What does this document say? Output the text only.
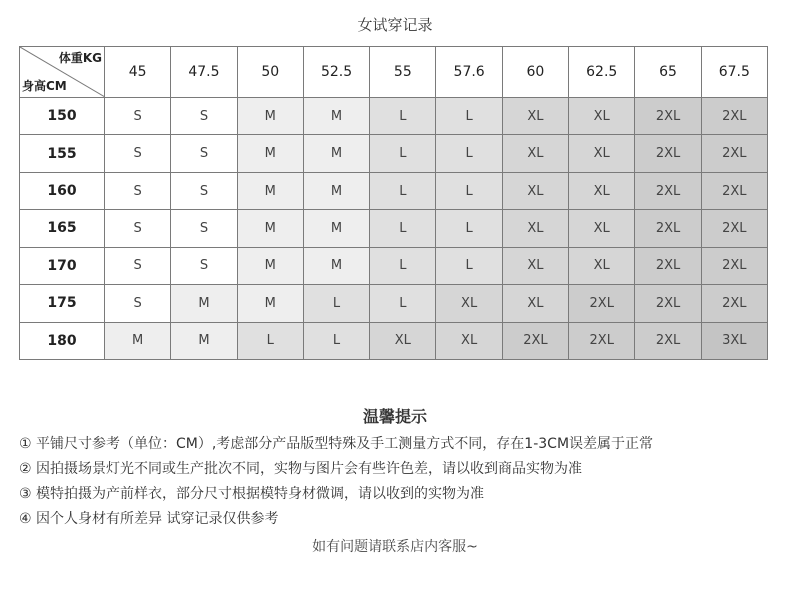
女试穿记录
体重KG
身高CM	45	47.5	50	52.5	55	57.6	60	62.5	65	67.5
150	S	S	M	M	L	L	XL	XL	2XL	2XL
155	S	S	M	M	L	L	XL	XL	2XL	2XL
160	S	S	M	M	L	L	XL	XL	2XL	2XL
165	S	S	M	M	L	L	XL	XL	2XL	2XL
170	S	S	M	M	L	L	XL	XL	2XL	2XL
175	S	M	M	L	L	XL	XL	2XL	2XL	2XL
180	M	M	L	L	XL	XL	2XL	2XL	2XL	3XL
温馨提示
① 平铺尺寸参考（单位：CM）,考虑部分产品版型特殊及手工测量方式不同，存在1-3CM误差属于正常
② 因拍摄场景灯光不同或生产批次不同，实物与图片会有些许色差，请以收到商品实物为准
③ 模特拍摄为产前样衣，部分尺寸根据模特身材微调，请以收到的实物为准
④ 因个人身材有所差异 试穿记录仅供参考
如有问题请联系店内客服~
